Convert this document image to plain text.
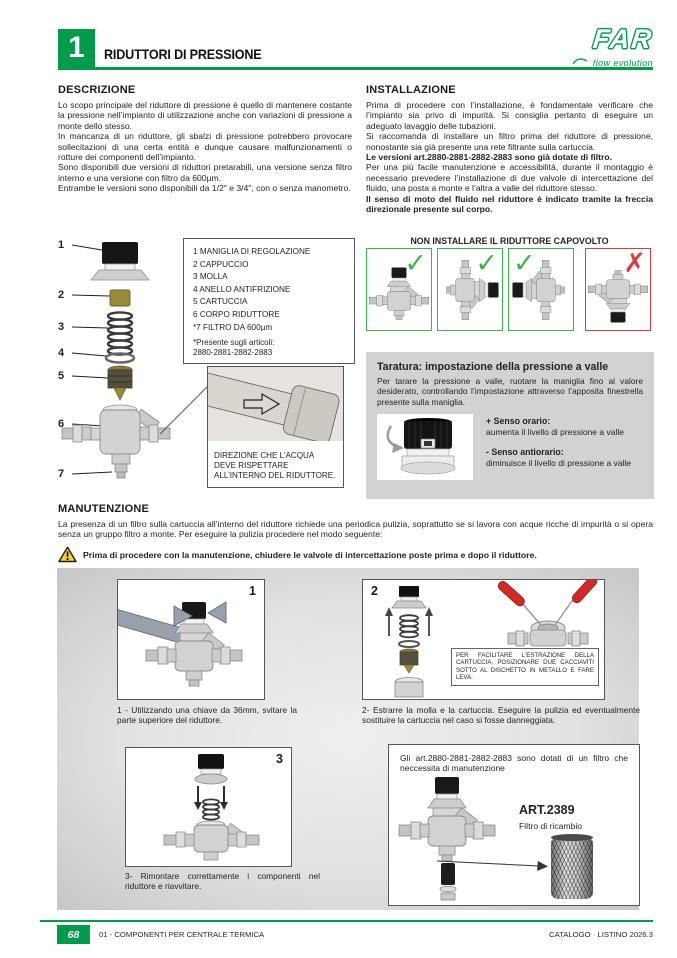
1 RIDUTTORI DI PRESSIONE	FAR
flow evolution
DESCRIZIONE

Lo scopo principale del riduttore di pressione è quello di mantenere costante la pressione nell’impianto di utilizzazione anche con variazioni di pressione a monte dello stesso.

In mancanza di un riduttore, gli sbalzi di pressione potrebbero provocare sollecitazioni di una certa entità e dunque causare malfunzionamenti o rotture dei componenti dell’impianto.

Sono disponibili due versioni di riduttori pretarabili, una versione senza filtro interno e una versione con filtro da 600µm.

Entrambe le versioni sono disponibili da 1/2″ e 3/4″, con o senza manometro.

INSTALLAZIONE

Prima di procedere con l’installazione, è fondamentale verificare che l’impianto sia privo di impurità. Si consiglia pertanto di eseguire un adeguato lavaggio delle tubazioni.

Si raccomanda di installare un filtro prima del riduttore di pressione, nonostante sia già presente una rete filtrante sulla cartuccia.

Le versioni art.2880-2881-2882-2883 sono già dotate di filtro.

Per una più facile manutenzione e accessibilità, durante il montaggio è necessario prevedere l’installazione di due valvole di intercettazione del fluido, una posta a monte e l’altra a valle del riduttore stesso.

Il senso di moto del fluido nel riduttore è indicato tramite la freccia direzionale presente sul corpo.

1
2
3
4
5
6
7
1 MANIGLIA DI REGOLAZIONE
2 CAPPUCCIO
3 MOLLA
4 ANELLO ANTIFRIZIONE
5 CARTUCCIA
6 CORPO RIDUTTORE
*7 FILTRO DA 600µm
*Presente sugli articoli:
2880-2881-2882-2883
DIREZIONE CHE L’ACQUA DEVE RISPETTARE ALL’INTERNO DEL RIDUTTORE.
NON INSTALLARE IL RIDUTTORE CAPOVOLTO
✓ ✓ ✓	✗
Taratura: impostazione della pressione a valle
Per tarare la pressione a valle, ruotare la maniglia fino al valore desiderato, controllando l’impostazione attraverso l’apposita finestrella presente sulla maniglia.
+ Senso orario:
aumenta il livello di pressione a valle
- Senso antiorario:
diminuisce il livello di pressione a valle
MANUTENZIONE
La presenza di un filtro sulla cartuccia all’interno del riduttore richiede una periodica pulizia, soprattutto se si lavora con acque ricche di impurità o si opera senza un gruppo filtro a monte. Per eseguire la pulizia procedere nel modo seguente:
Prima di procedere con la manutenzione, chiudere le valvole di intercettazione poste prima e dopo il riduttore.
1
1 - Utilizzando una chiave da 36mm, svitare la parte superiore del riduttore.
2
PER FACILITARE L’ESTRAZIONE DELLA CARTUCCIA, POSIZIONARE DUE CACCIAVITI SOTTO AL DISCHETTO IN METALLO E FARE LEVA.
2- Estrarre la molla e la cartuccia. Eseguire la pulizia ed eventualmente sostituire la cartuccia nel caso si fosse danneggiata.
3
3- Rimontare correttamente i componenti nel riduttore e riavvitare.
Gli art.2880-2881-2882-2883 sono dotati di un filtro che neccessita di manutenzione
ART.2389
Filtro di ricambio
68	01 - COMPONENTI PER CENTRALE TERMICA	CATALOGO · LISTINO 2026.3
